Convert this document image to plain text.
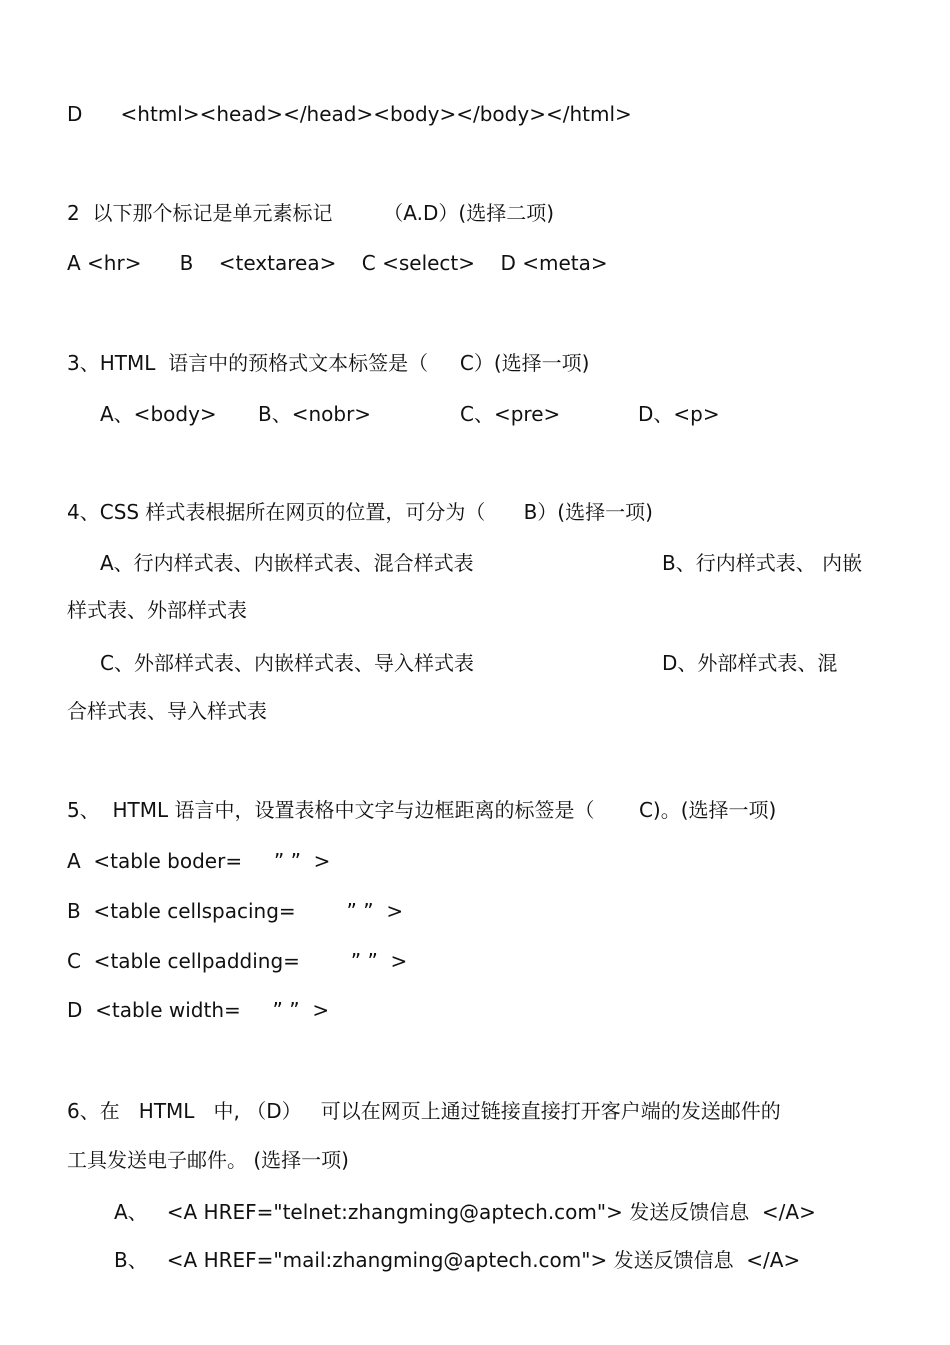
D      <html><head></head><body></body></html>
2  以下那个标记是单元素标记        （A.D）(选择二项)
A <hr>      B    <textarea>    C <select>    D <meta>
3、HTML  语言中的预格式文本标签是（     C）(选择一项)
A、<body> B、<nobr>	C、<pre>	D、<p>
4、CSS 样式表根据所在网页的位置，可分为（      B）(选择一项)
A、行内样式表、内嵌样式表、混合样式表	B、行内样式表、 内嵌
样式表、外部样式表
C、外部样式表、内嵌样式表、导入样式表	D、外部样式表、混
合样式表、导入样式表
5、  HTML 语言中，设置表格中文字与边框距离的标签是（       C)。(选择一项)
A  <table boder=     ” ”  >
B  <table cellspacing=        ” ”  >
C  <table cellpadding=        ” ”  >
D  <table width=     ” ”  >
6、在   HTML   中, （D）   可以在网页上通过链接直接打开客户端的发送邮件的
工具发送电子邮件。 (选择一项)
A、   <A HREF="telnet:zhangming@aptech.com"> 发送反馈信息  </A>
B、   <A HREF="mail:zhangming@aptech.com"> 发送反馈信息  </A>
